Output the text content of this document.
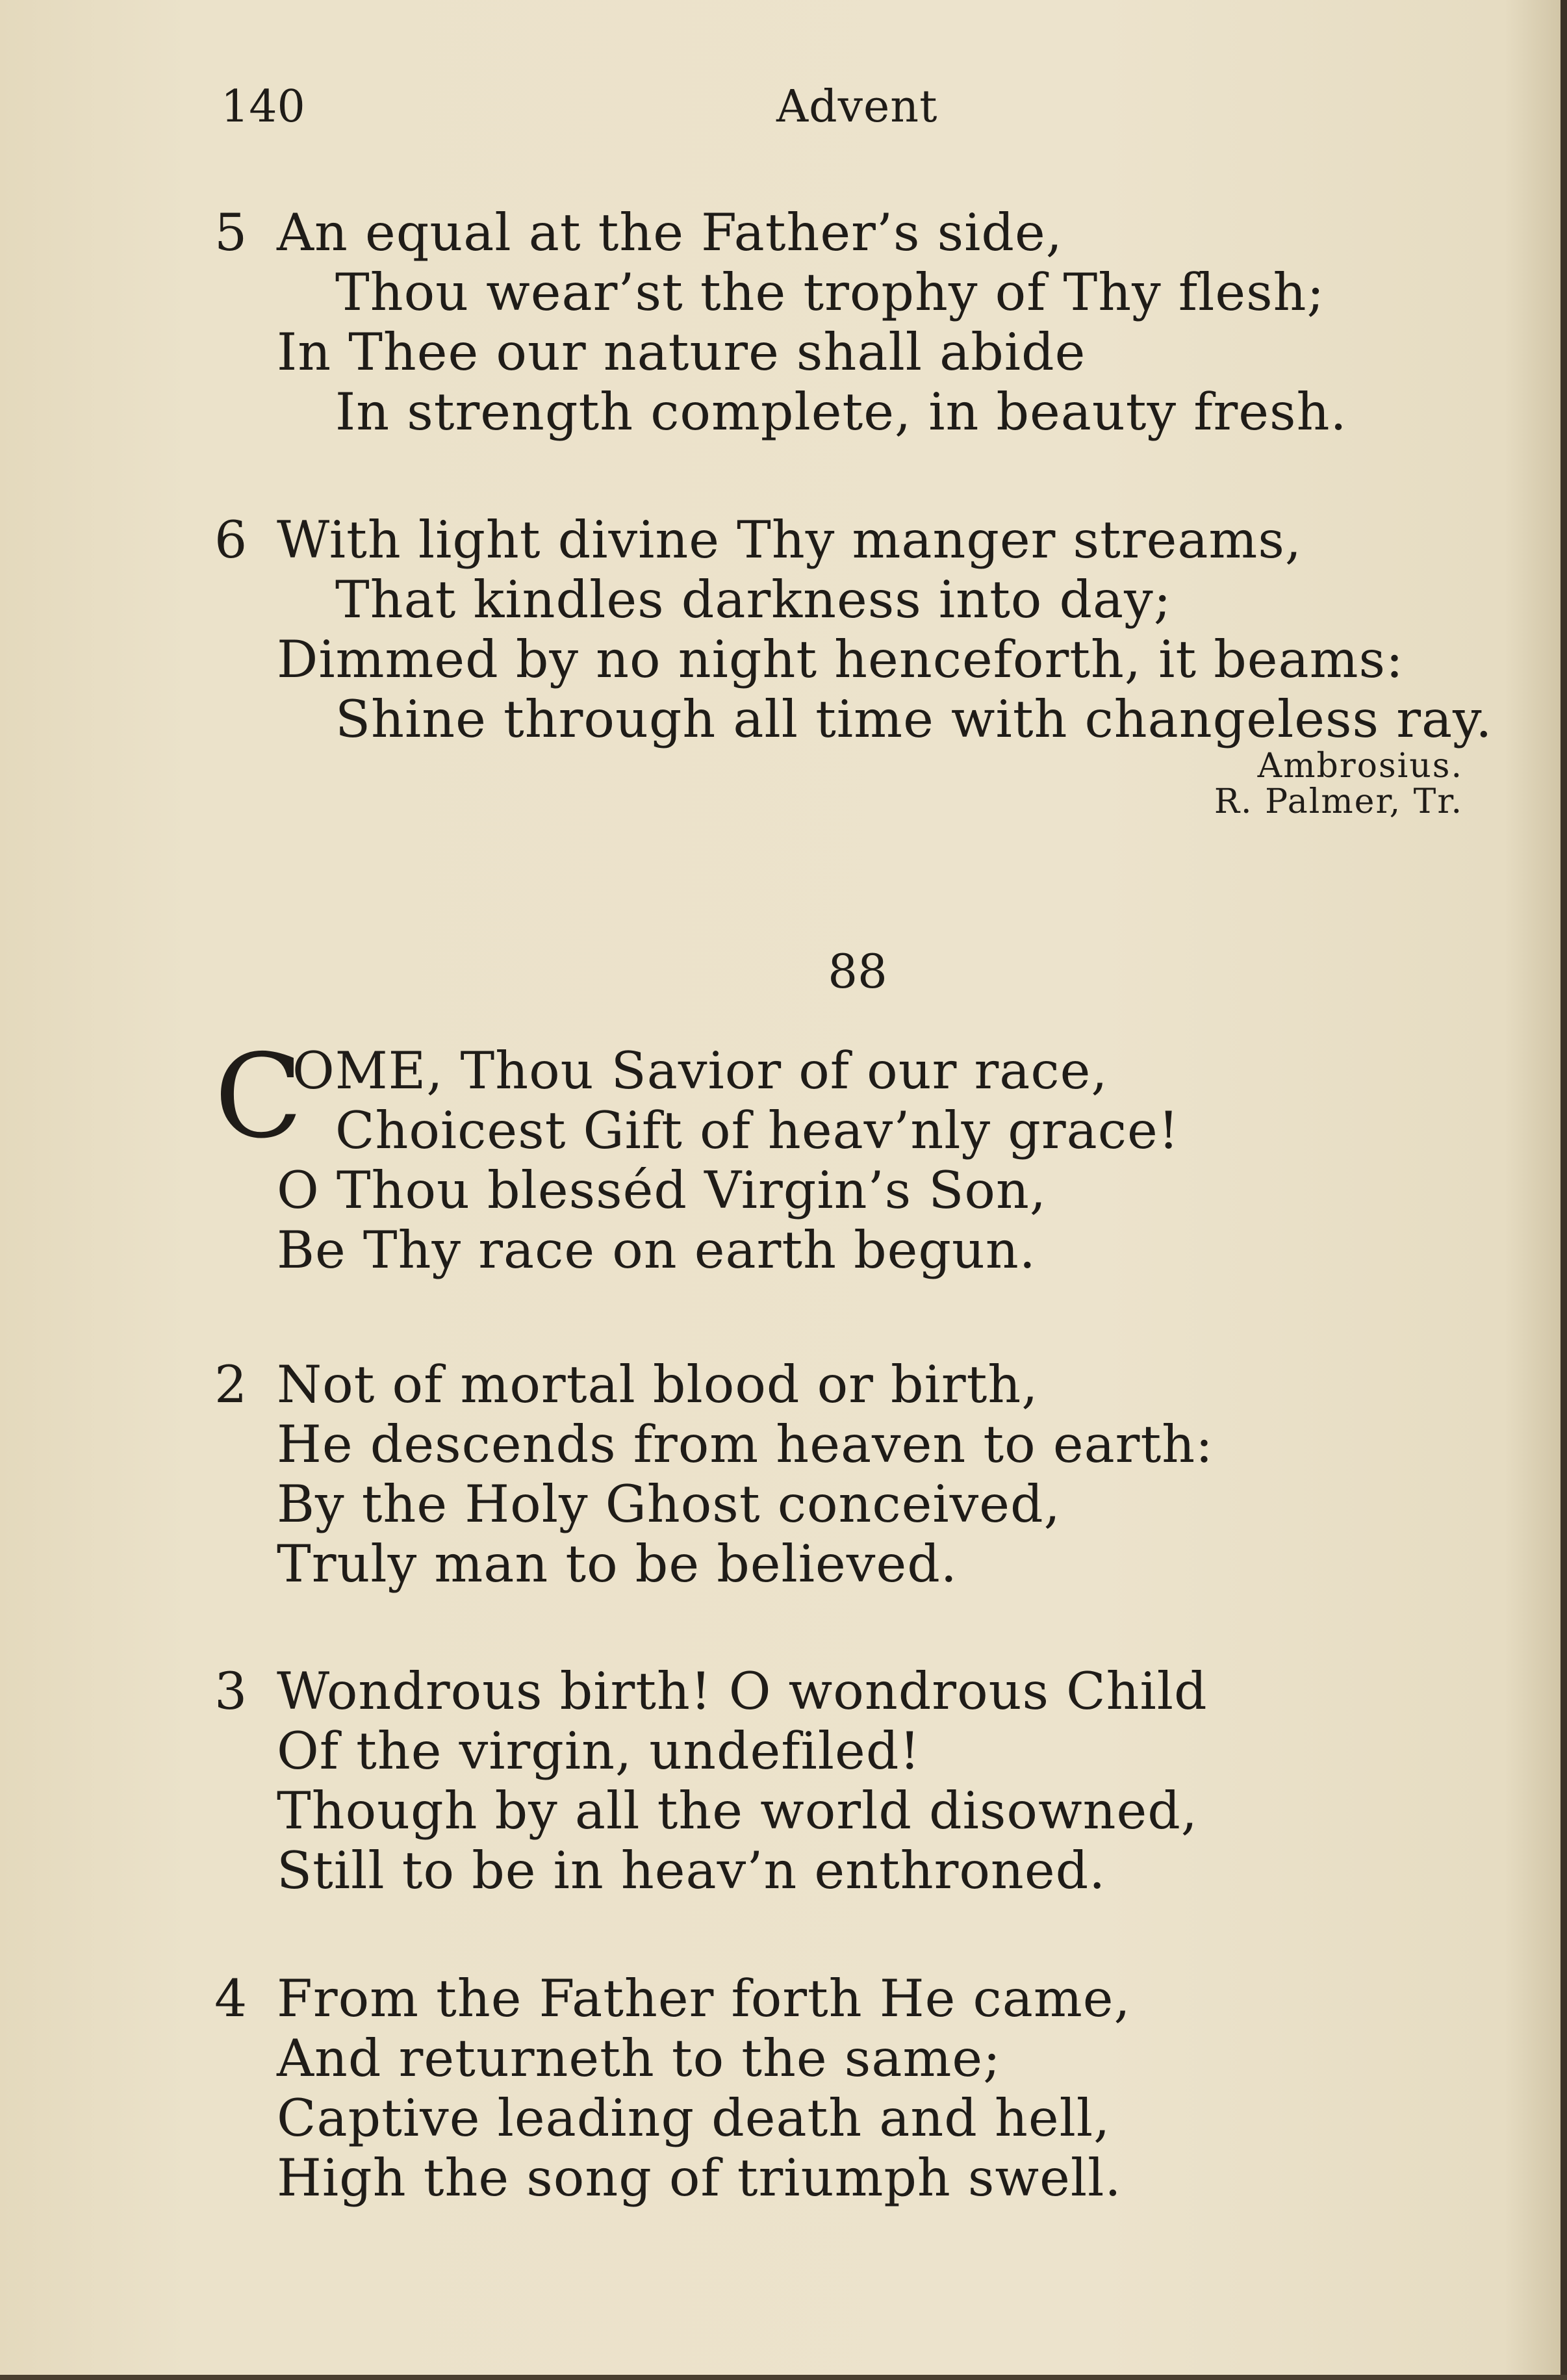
140	Advent
5 An equal at the Father’s side,
Thou wear’st the trophy of Thy flesh;
In Thee our nature shall abide
In strength complete, in beauty fresh.
6 With light divine Thy manger streams,
That kindles darkness into day;
Dimmed by no night henceforth, it beams:
Shine through all time with changeless ray.
Ambrosius.
R. Palmer, Tr.
88
C
OME, Thou Savior of our race,
Choicest Gift of heav’nly grace!
O Thou blesséd Virgin’s Son,
Be Thy race on earth begun.
2 Not of mortal blood or birth,
He descends from heaven to earth:
By the Holy Ghost conceived,
Truly man to be believed.
3 Wondrous birth! O wondrous Child
Of the virgin, undefiled!
Though by all the world disowned,
Still to be in heav’n enthroned.
4 From the Father forth He came,
And returneth to the same;
Captive leading death and hell,
High the song of triumph swell.
